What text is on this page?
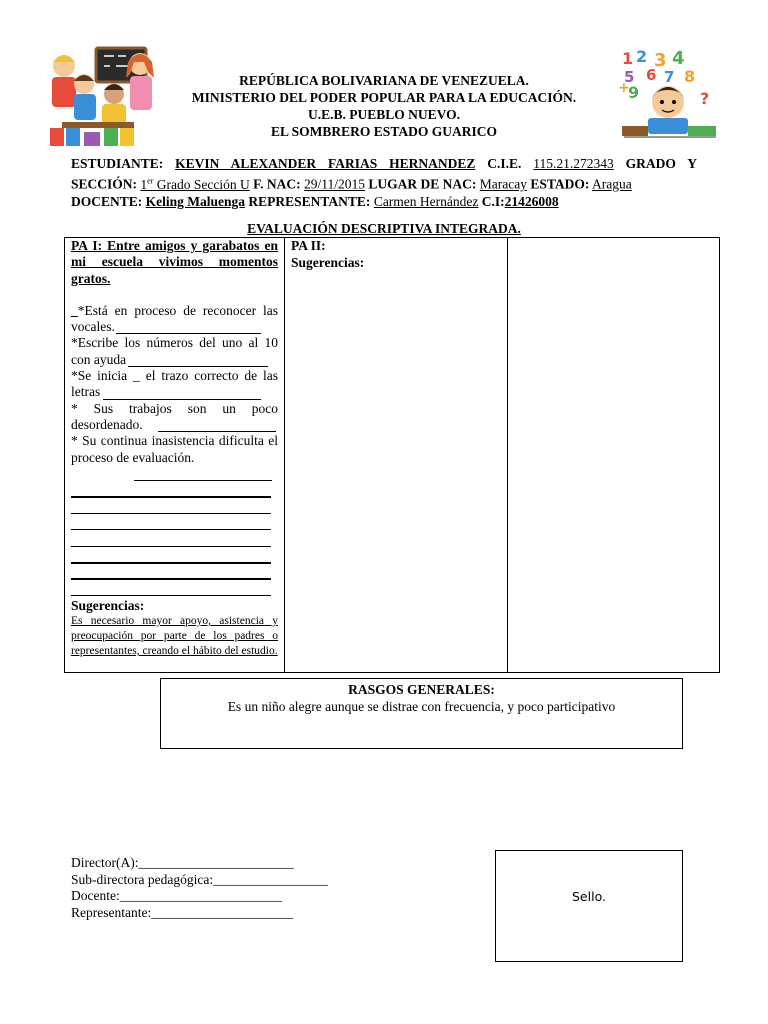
1 2 3 4
5 6 7 8
9
+
?
REPÚBLICA BOLIVARIANA DE VENEZUELA.
MINISTERIO DEL PODER POPULAR PARA LA EDUCACIÓN.
U.E.B. PUEBLO NUEVO.
EL SOMBRERO ESTADO GUARICO
ESTUDIANTE: KEVIN ALEXANDER FARIAS HERNANDEZ C.I.E. 115.21.272343 GRADO Y
SECCIÓN: 1er Grado Sección U F. NAC: 29/11/2015 LUGAR DE NAC: Maracay ESTADO: Aragua
DOCENTE: Keling Maluenga REPRESENTANTE: Carmen Hernández C.I:21426008
EVALUACIÓN DESCRIPTIVA INTEGRADA.
PA I: Entre amigos y garabatos en
mi escuela vivimos momentos
gratos.
_*Está en proceso de reconocer las vocales.
*Escribe los números del uno al 10 con ayuda
*Se inicia _ el trazo correcto de las letras
* Sus trabajos son un poco desordenado.
* Su continua inasistencia dificulta el proceso de evaluación.
Sugerencias:
Es necesario mayor apoyo, asistencia y preocupación por parte de los padres o representantes, creando el hábito del estudio.
PA II:
Sugerencias:
RASGOS GENERALES:
Es un niño alegre aunque se distrae con frecuencia, y poco participativo
Director(A):_______________________
Sub-directora pedagógica:_________________
Docente:________________________
Representante:_____________________
Sello.
